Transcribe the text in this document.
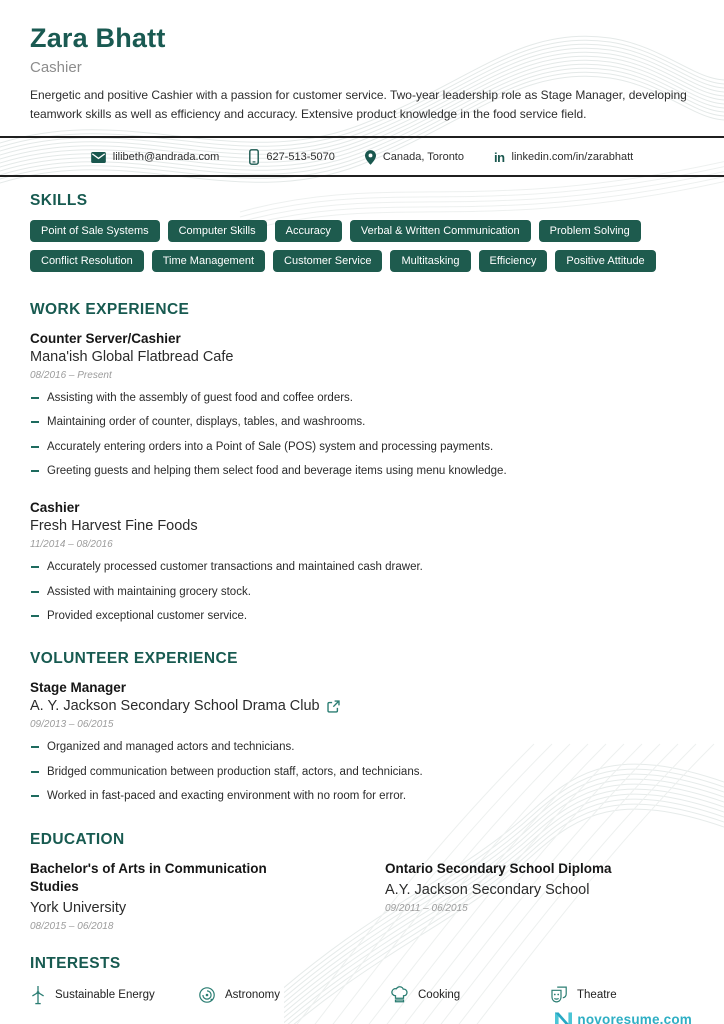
Zara Bhatt
Cashier
Energetic and positive Cashier with a passion for customer service. Two-year leadership role as Stage Manager, developing teamwork skills as well as efficiency and accuracy. Extensive product knowledge in the food service field.
lilibeth@andrada.com	627-513-5070	Canada, Toronto in linkedin.com/in/zarabhatt
SKILLS
Point of Sale Systems	Computer Skills	Accuracy	Verbal & Written Communication	Problem Solving
Conflict Resolution	Time Management	Customer Service	Multitasking	Efficiency	Positive Attitude
WORK EXPERIENCE
Counter Server/Cashier
Mana'ish Global Flatbread Cafe
08/2016 – Present
Assisting with the assembly of guest food and coffee orders.
Maintaining order of counter, displays, tables, and washrooms.
Accurately entering orders into a Point of Sale (POS) system and processing payments.
Greeting guests and helping them select food and beverage items using menu knowledge.
Cashier
Fresh Harvest Fine Foods
11/2014 – 08/2016
Accurately processed customer transactions and maintained cash drawer.
Assisted with maintaining grocery stock.
Provided exceptional customer service.
VOLUNTEER EXPERIENCE
Stage Manager
A. Y. Jackson Secondary School Drama Club
09/2013 – 06/2015
Organized and managed actors and technicians.
Bridged communication between production staff, actors, and technicians.
Worked in fast-paced and exacting environment with no room for error.
EDUCATION
Bachelor's of Arts in Communication Studies
York University
08/2015 – 06/2018
Ontario Secondary School Diploma
A.Y. Jackson Secondary School
09/2011 – 06/2015
INTERESTS
Sustainable Energy	Astronomy	Cooking	Theatre
novoresume.com
